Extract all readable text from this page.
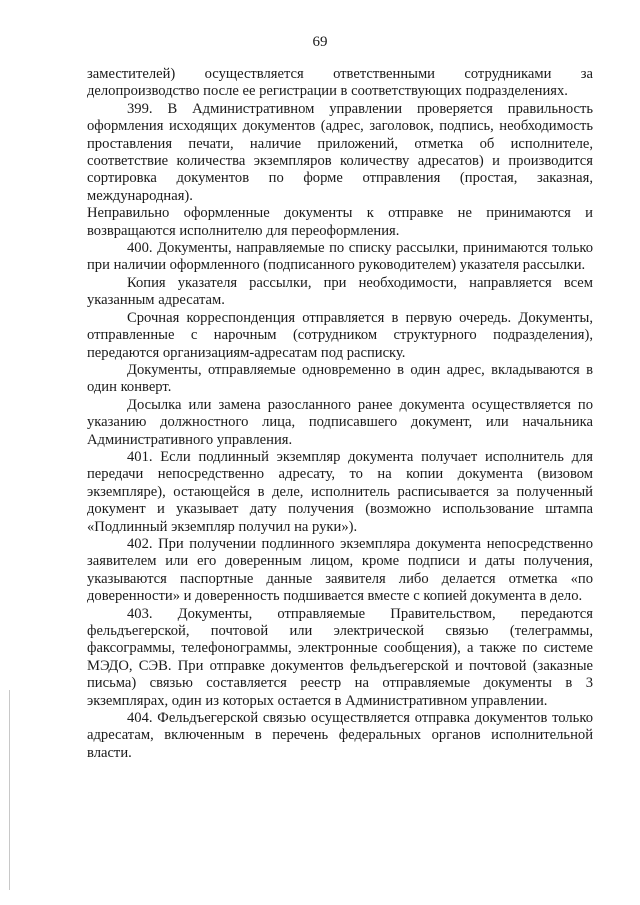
69

заместителей) осуществляется ответственными сотрудниками за делопроизводство после ее регистрации в соответствующих подразделениях.

399. В Административном управлении проверяется правильность оформления исходящих документов (адрес, заголовок, подпись, необходимость проставления печати, наличие приложений, отметка об исполнителе, соответствие количества экземпляров количеству адресатов) и производится сортировка документов по форме отправления (простая, заказная, международная).

Неправильно оформленные документы к отправке не принимаются и возвращаются исполнителю для переоформления.

400. Документы, направляемые по списку рассылки, принимаются только при наличии оформленного (подписанного руководителем) указателя рассылки.

Копия указателя рассылки, при необходимости, направляется всем указанным адресатам.

Срочная корреспонденция отправляется в первую очередь. Документы, отправленные с нарочным (сотрудником структурного подразделения), передаются организациям-адресатам под расписку.

Документы, отправляемые одновременно в один адрес, вкладываются в один конверт.

Досылка или замена разосланного ранее документа осуществляется по указанию должностного лица, подписавшего документ, или начальника Административного управления.

401. Если подлинный экземпляр документа получает исполнитель для передачи непосредственно адресату, то на копии документа (визовом экземпляре), остающейся в деле, исполнитель расписывается за полученный документ и указывает дату получения (возможно использование штампа «Подлинный экземпляр получил на руки»).

402. При получении подлинного экземпляра документа непосредственно заявителем или его доверенным лицом, кроме подписи и даты получения, указываются паспортные данные заявителя либо делается отметка «по доверенности» и доверенность подшивается вместе с копией документа в дело.

403. Документы, отправляемые Правительством, передаются фельдъегерской, почтовой или электрической связью (телеграммы, факсограммы, телефонограммы, электронные сообщения), а также по системе МЭДО, СЭВ. При отправке документов фельдъегерской и почтовой (заказные письма) связью составляется реестр на отправляемые документы в 3 экземплярах, один из которых остается в Административном управлении.

404. Фельдъегерской связью осуществляется отправка документов только адресатам, включенным в перечень федеральных органов исполнительной власти.
